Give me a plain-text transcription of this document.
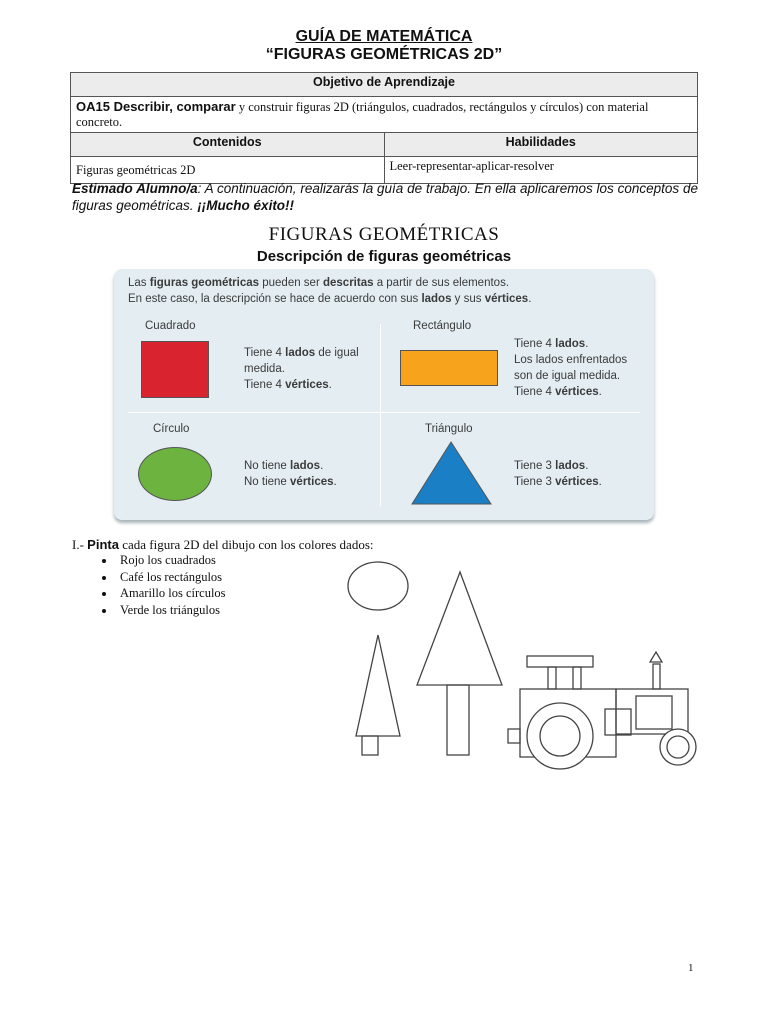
GUÍA DE MATEMÁTICA
“FIGURAS GEOMÉTRICAS 2D”
Objetivo de Aprendizaje	
OA15 Describir, comparar y construir figuras 2D (triángulos, cuadrados, rectángulos y círculos) con material concreto.	
Contenidos	Habilidades
Figuras geométricas 2D	Leer-representar-aplicar-resolver
Estimado Alumno/a: A continuación, realizarás la guía de trabajo. En ella aplicaremos los conceptos de figuras geométricas. ¡¡Mucho éxito!!
FIGURAS GEOMÉTRICAS
Descripción de figuras geométricas
Las figuras geométricas pueden ser descritas a partir de sus elementos.
En este caso, la descripción se hace de acuerdo con sus lados y sus vértices.
Cuadrado
Tiene 4 lados de igual
medida.
Tiene 4 vértices.
Rectángulo
Tiene 4 lados.
Los lados enfrentados
son de igual medida.
Tiene 4 vértices.
Círculo
No tiene lados.
No tiene vértices.
Triángulo
Tiene 3 lados.
Tiene 3 vértices.
I.- Pinta cada figura 2D del dibujo con los colores dados:
• Rojo los cuadrados
• Café los rectángulos
• Amarillo los círculos
• Verde los triángulos
1
